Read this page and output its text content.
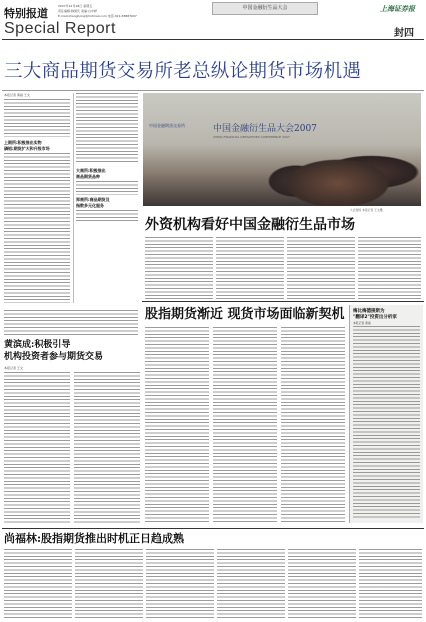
特别报道
2007年12月28日 星期五
责任编辑:韩国庆 美编:白中晔
E-mail:zhanghong@hotmail.com 电话:021-58887607
中国金融衍生品大会	上海证券报
Special Report	封四
三大商品期货交易所老总纵论期货市场机遇
本报记者 黄淑 王文
上期所:积极推出实物
磷铝:期货扩大和升级市场
大商所:积极推出
商品期货品种
郑商所:商品期货及
指数多元化服务
中国金融衍生品大会2007
CHINA FINANCIAL DERIVATIVES CONFERENCE 2007
中国金融期货交易所
大会现场 本报记者 王文摄
外资机构看好中国金融衍生品市场
股指期货渐近 现货市场面临新契机 梅比梅德接斯为
"翻译2"投资出分析家
本报记者 黄淑
黄滨成:积极引导
机构投资者参与期货交易
本报记者 王文
尚福林:股指期货推出时机正日趋成熟
